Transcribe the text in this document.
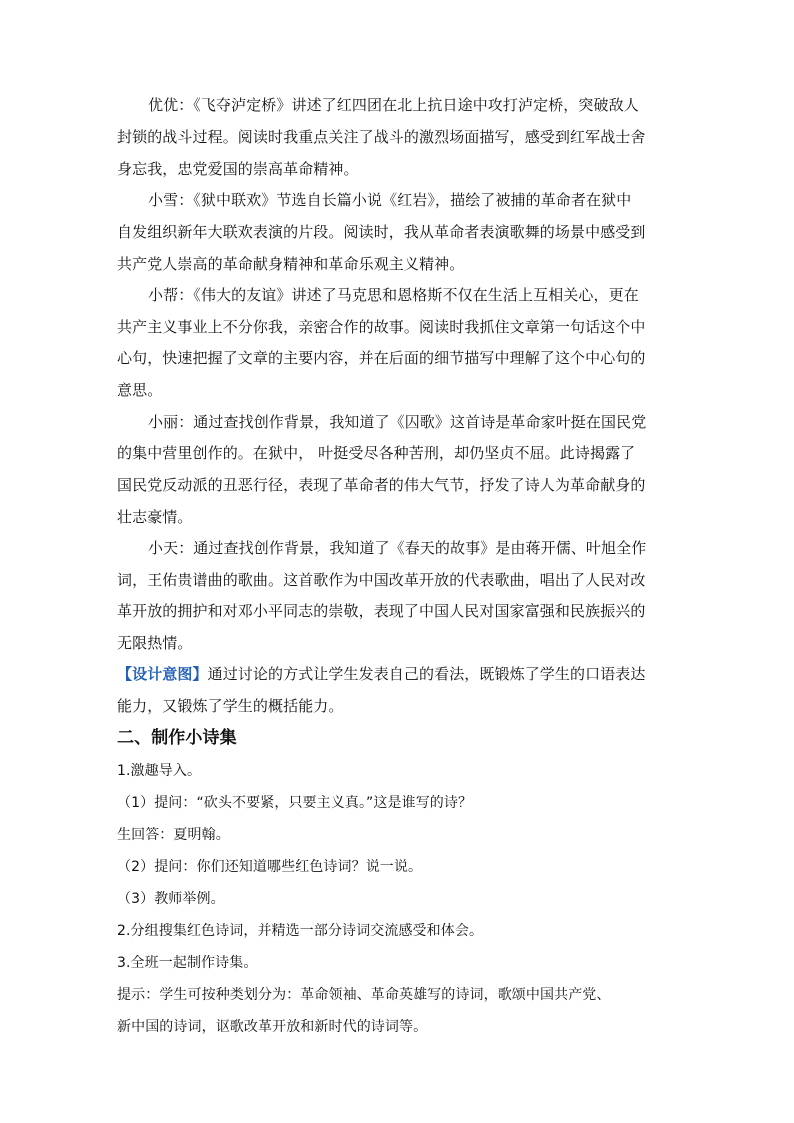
优优：《飞夺泸定桥》讲述了红四团在北上抗日途中攻打泸定桥，突破敌人
封锁的战斗过程。阅读时我重点关注了战斗的激烈场面描写，感受到红军战士舍
身忘我，忠党爱国的崇高革命精神。
小雪：《狱中联欢》节选自长篇小说《红岩》，描绘了被捕的革命者在狱中
自发组织新年大联欢表演的片段。阅读时，我从革命者表演歌舞的场景中感受到
共产党人崇高的革命献身精神和革命乐观主义精神。
小帮：《伟大的友谊》讲述了马克思和恩格斯不仅在生活上互相关心，更在
共产主义事业上不分你我，亲密合作的故事。阅读时我抓住文章第一句话这个中
心句，快速把握了文章的主要内容，并在后面的细节描写中理解了这个中心句的
意思。
小丽：通过查找创作背景，我知道了《囚歌》这首诗是革命家叶挺在国民党
的集中营里创作的。在狱中， 叶挺受尽各种苦刑，却仍坚贞不屈。此诗揭露了
国民党反动派的丑恶行径，表现了革命者的伟大气节，抒发了诗人为革命献身的
壮志豪情。
小天：通过查找创作背景，我知道了《春天的故事》是由蒋开儒、叶旭全作
词，王佑贵谱曲的歌曲。这首歌作为中国改革开放的代表歌曲，唱出了人民对改
革开放的拥护和对邓小平同志的崇敬，表现了中国人民对国家富强和民族振兴的
无限热情。
【设计意图】通过讨论的方式让学生发表自己的看法，既锻炼了学生的口语表达
能力，又锻炼了学生的概括能力。
二、制作小诗集
1.激趣导入。
（1）提问：“砍头不要紧，只要主义真。”这是谁写的诗？
生回答：夏明翰。
（2）提问：你们还知道哪些红色诗词？说一说。
（3）教师举例。
2.分组搜集红色诗词，并精选一部分诗词交流感受和体会。
3.全班一起制作诗集。
提示：学生可按种类划分为：革命领袖、革命英雄写的诗词，歌颂中国共产党、
新中国的诗词，讴歌改革开放和新时代的诗词等。
